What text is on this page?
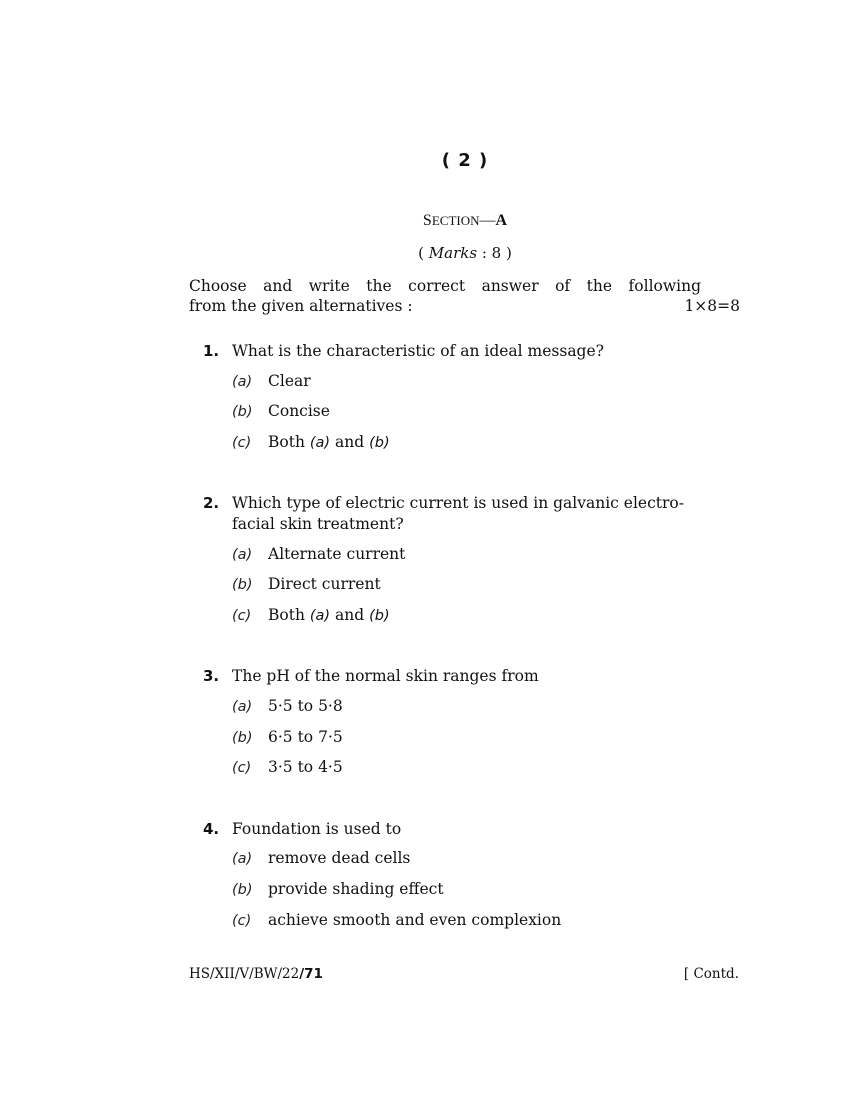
( 2 )
SECTION—A
( Marks : 8 )
Choose and write the correct answer of the following
from the given alternatives :	1×8=8
1. What is the characteristic of an ideal message?
(a) Clear
(b) Concise
(c) Both (a) and (b)
2. Which type of electric current is used in galvanic electro-
facial skin treatment?
(a) Alternate current
(b) Direct current
(c) Both (a) and (b)
3. The pH of the normal skin ranges from
(a) 5·5 to 5·8
(b) 6·5 to 7·5
(c) 3·5 to 4·5
4. Foundation is used to
(a) remove dead cells
(b) provide shading effect
(c) achieve smooth and even complexion
HS/XII/V/BW/22/71	[ Contd.
